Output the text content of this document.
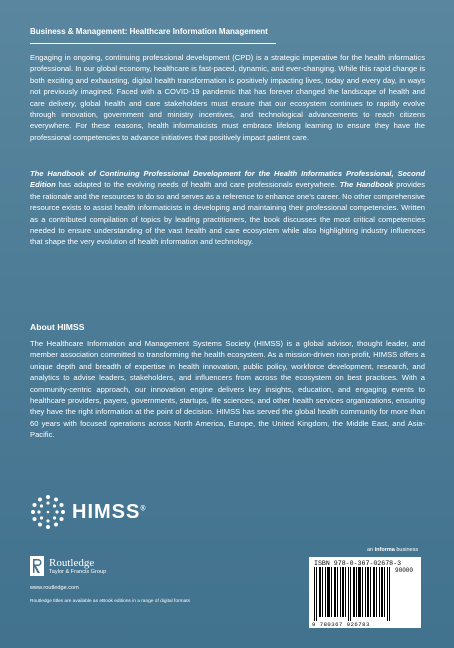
Business & Management: Healthcare Information Management

Engaging in ongoing, continuing professional development (CPD) is a strategic imperative for the health informatics professional. In our global economy, healthcare is fast-paced, dynamic, and ever-changing. While this rapid change is both exciting and exhausting, digital health transformation is positively impacting lives, today and every day, in ways not previously imagined. Faced with a COVID-19 pandemic that has forever changed the landscape of health and care delivery, global health and care stakeholders must ensure that our ecosystem continues to rapidly evolve through innovation, government and ministry incentives, and technological advancements to reach citizens everywhere. For these reasons, health informaticists must embrace lifelong learning to ensure they have the professional competencies to advance initiatives that positively impact patient care.

The Handbook of Continuing Professional Development for the Health Informatics Professional, Second Edition has adapted to the evolving needs of health and care professionals everywhere. The Handbook provides the rationale and the resources to do so and serves as a reference to enhance one’s career. No other comprehensive resource exists to assist health informaticists in developing and maintaining their professional competencies. Written as a contributed compilation of topics by leading practitioners, the book discusses the most critical competencies needed to ensure understanding of the vast health and care ecosystem while also highlighting industry influences that shape the very evolution of health information and technology.

About HIMSS

The Healthcare Information and Management Systems Society (HIMSS) is a global advisor, thought leader, and member association committed to transforming the health ecosystem. As a mission-driven non-profit, HIMSS offers a unique depth and breadth of expertise in health innovation, public policy, workforce development, research, and analytics to advise leaders, stakeholders, and influencers from across the ecosystem on best practices. With a community-centric approach, our innovation engine delivers key insights, education, and engaging events to healthcare providers, payers, governments, startups, life sciences, and other health services organizations, ensuring they have the right information at the point of decision. HIMSS has served the global health community for more than 60 years with focused operations across North America, Europe, the United Kingdom, the Middle East, and Asia-Pacific.

HIMSS®
an informa business
ISBN 978-0-367-02678-3
90000
9 780367 026783
Routledge
Taylor & Francis Group
www.routledge.com
Routledge titles are available as eBook editions in a range of digital formats
